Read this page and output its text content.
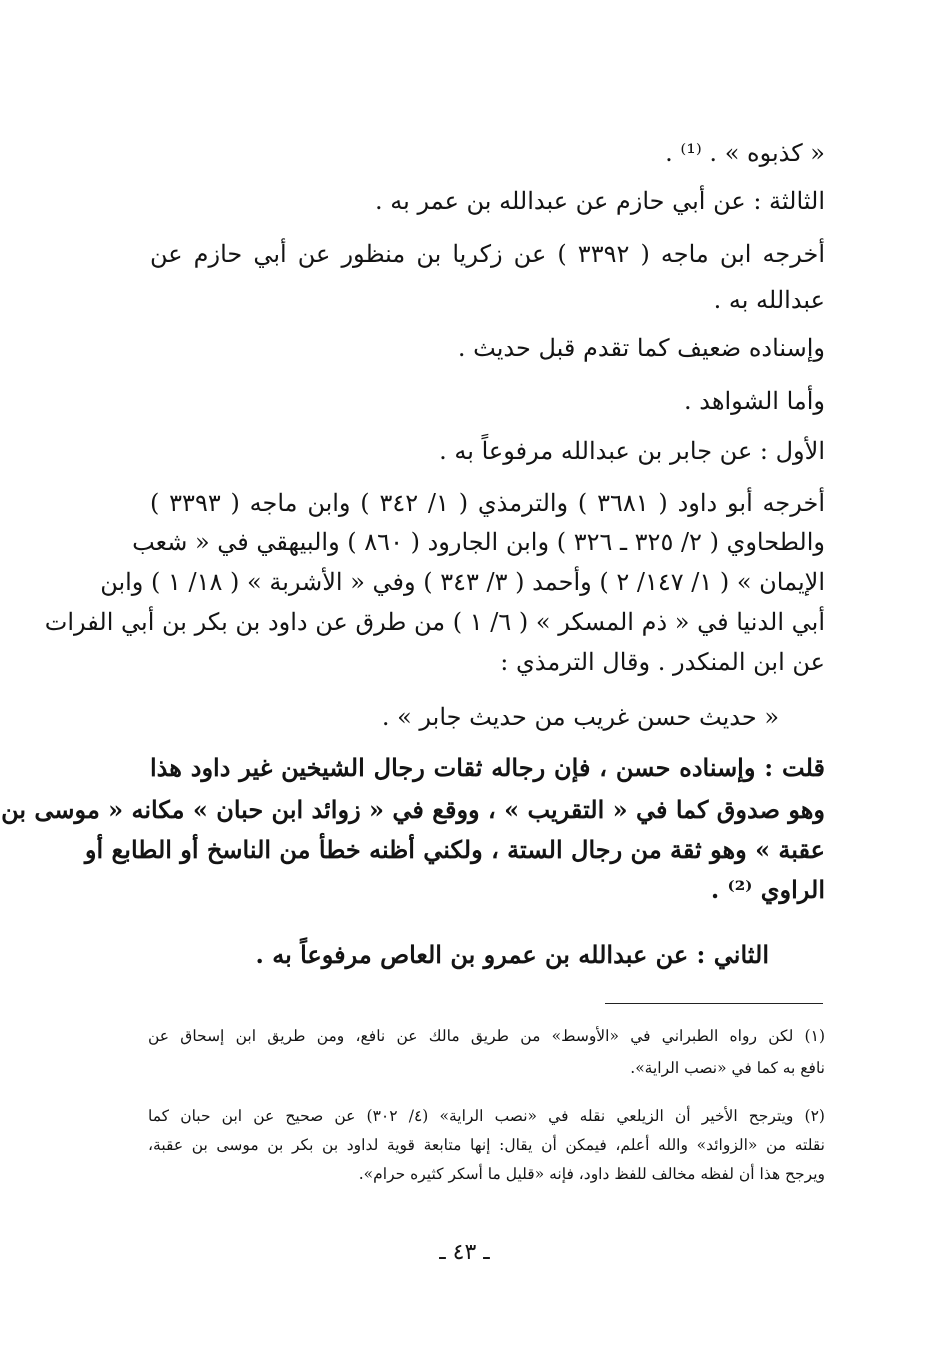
« كذبوه » . ⁽¹⁾ .
الثالثة : عن أبي حازم عن عبدالله بن عمر به .
أخرجه ابن ماجه ( ٣٣٩٢ ) عن زكريا بن منظور عن أبي حازم عن
عبدالله به .
وإسناده ضعيف كما تقدم قبل حديث .
وأما الشواهد .
الأول : عن جابر بن عبدالله مرفوعاً به .
أخرجه أبو داود ( ٣٦٨١ ) والترمذي ( ١/ ٣٤٢ ) وابن ماجه ( ٣٣٩٣ )
والطحاوي ( ٢/ ٣٢٥ ـ ٣٢٦ ) وابن الجارود ( ٨٦٠ ) والبيهقي في « شعب
الإيمان » ( ١/ ١٤٧/ ٢ ) وأحمد ( ٣/ ٣٤٣ ) وفي « الأشربة » ( ١٨/ ١ ) وابن
أبي الدنيا في « ذم المسكر » ( ٦/ ١ ) من طرق عن داود بن بكر بن أبي الفرات
عن ابن المنكدر . وقال الترمذي :
« حديث حسن غريب من حديث جابر » .
قلت : وإسناده حسن ، فإن رجاله ثقات رجال الشيخين غير داود هذا
وهو صدوق كما في « التقريب » ، ووقع في « زوائد ابن حبان » مكانه « موسى بن
عقبة » وهو ثقة من رجال الستة ، ولكني أظنه خطأ من الناسخ أو الطابع أو
الراوي ⁽²⁾ .
الثاني : عن عبدالله بن عمرو بن العاص مرفوعاً به .
(١) لكن رواه الطبراني في «الأوسط» من طريق مالك عن نافع، ومن طريق ابن إسحاق عن
نافع به كما في «نصب الراية».
(٢) ويترجح الأخير أن الزيلعي نقله في «نصب الراية» (٤/ ٣٠٢) عن صحيح عن ابن حبان كما
نقلته من «الزوائد» والله أعلم، فيمكن أن يقال: إنها متابعة قوية لداود بن بكر بن موسى بن عقبة،
ويرجح هذا أن لفظه مخالف للفظ داود، فإنه «قليل ما أسكر كثيره حرام».
ـ ٤٣ ـ
